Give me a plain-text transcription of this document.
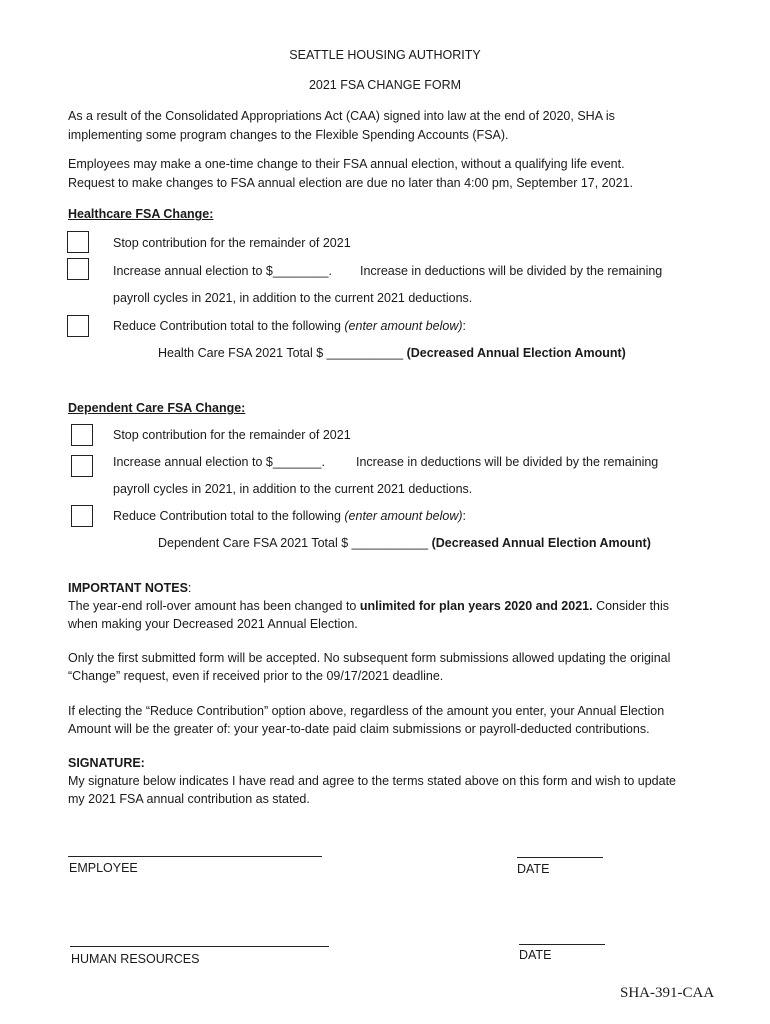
SEATTLE HOUSING AUTHORITY
2021 FSA CHANGE FORM
As a result of the Consolidated Appropriations Act (CAA) signed into law at the end of 2020, SHA is
implementing some program changes to the Flexible Spending Accounts (FSA).
Employees may make a one-time change to their FSA annual election, without a qualifying life event.
Request to make changes to FSA annual election are due no later than 4:00 pm, September 17, 2021.
Healthcare FSA Change:
Stop contribution for the remainder of 2021
Increase annual election to $________. Increase in deductions will be divided by the remaining
payroll cycles in 2021, in addition to the current 2021 deductions.
Reduce Contribution total to the following (enter amount below):
Health Care FSA 2021 Total $ ___________ (Decreased Annual Election Amount)
Dependent Care FSA Change:
Stop contribution for the remainder of 2021
Increase annual election to $_______. Increase in deductions will be divided by the remaining
payroll cycles in 2021, in addition to the current 2021 deductions.
Reduce Contribution total to the following (enter amount below):
Dependent Care FSA 2021 Total $ ___________ (Decreased Annual Election Amount)
IMPORTANT NOTES:
The year-end roll-over amount has been changed to unlimited for plan years 2020 and 2021. Consider this
when making your Decreased 2021 Annual Election.
Only the first submitted form will be accepted. No subsequent form submissions allowed updating the original
“Change” request, even if received prior to the 09/17/2021 deadline.
If electing the “Reduce Contribution” option above, regardless of the amount you enter, your Annual Election
Amount will be the greater of: your year-to-date paid claim submissions or payroll-deducted contributions.
SIGNATURE:
My signature below indicates I have read and agree to the terms stated above on this form and wish to update
my 2021 FSA annual contribution as stated.
EMPLOYEE	DATE
HUMAN RESOURCES	DATE
SHA-391-CAA
